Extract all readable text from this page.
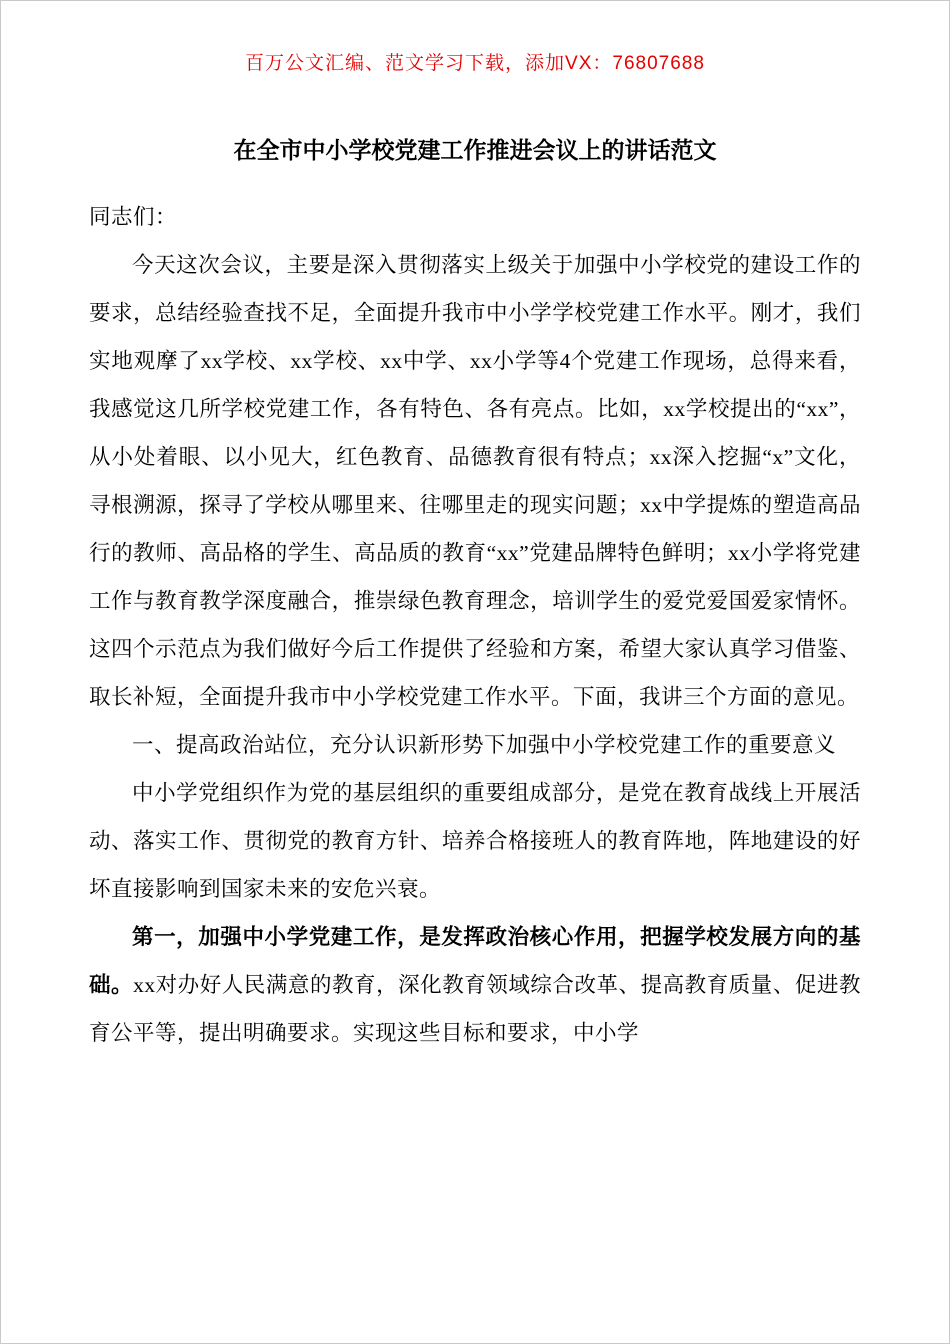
百万公文汇编、范文学习下载，添加VX：76807688
在全市中小学校党建工作推进会议上的讲话范文

同志们：

今天这次会议，主要是深入贯彻落实上级关于加强中小学校党的建设工作的要求，总结经验查找不足，全面提升我市中小学学校党建工作水平。刚才，我们实地观摩了xx学校、xx学校、xx中学、xx小学等4个党建工作现场，总得来看，我感觉这几所学校党建工作，各有特色、各有亮点。比如，xx学校提出的“xx”，从小处着眼、以小见大，红色教育、品德教育很有特点；xx深入挖掘“x”文化，寻根溯源，探寻了学校从哪里来、往哪里走的现实问题；xx中学提炼的塑造高品行的教师、高品格的学生、高品质的教育“xx”党建品牌特色鲜明；xx小学将党建工作与教育教学深度融合，推崇绿色教育理念，培训学生的爱党爱国爱家情怀。这四个示范点为我们做好今后工作提供了经验和方案，希望大家认真学习借鉴、取长补短，全面提升我市中小学校党建工作水平。下面，我讲三个方面的意见。

一、提高政治站位，充分认识新形势下加强中小学校党建工作的重要意义

中小学党组织作为党的基层组织的重要组成部分，是党在教育战线上开展活动、落实工作、贯彻党的教育方针、培养合格接班人的教育阵地，阵地建设的好坏直接影响到国家未来的安危兴衰。

第一，加强中小学党建工作，是发挥政治核心作用，把握学校发展方向的基础。xx对办好人民满意的教育，深化教育领域综合改革、提高教育质量、促进教育公平等，提出明确要求。实现这些目标和要求，中小学
